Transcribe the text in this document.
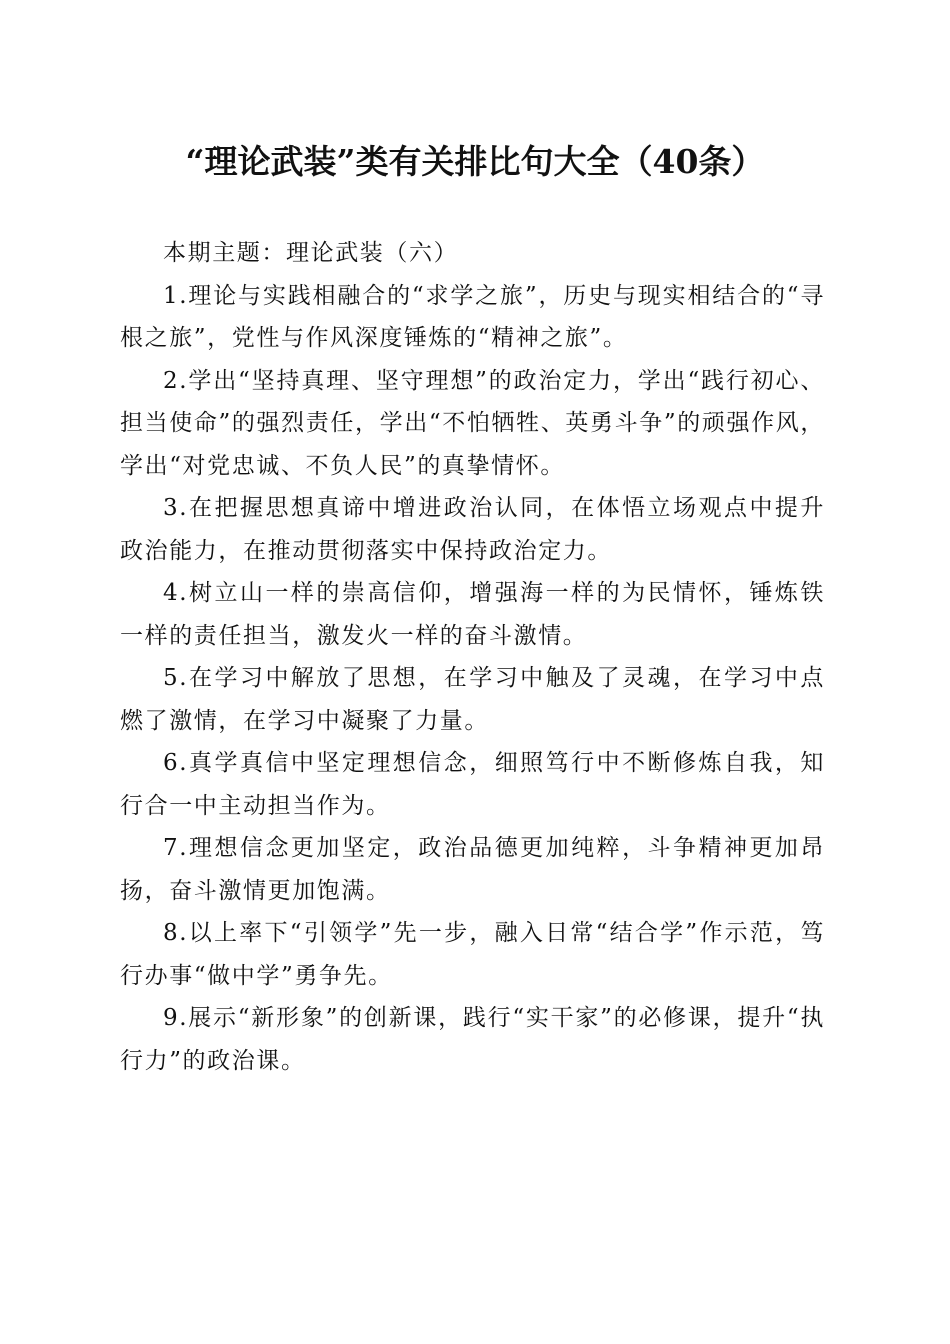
“理论武装”类有关排比句大全（40条）

本期主题：理论武装（六）

1.理论与实践相融合的“求学之旅”，历史与现实相结合的“寻根之旅”，党性与作风深度锤炼的“精神之旅”。

2.学出“坚持真理、坚守理想”的政治定力，学出“践行初心、担当使命”的强烈责任，学出“不怕牺牲、英勇斗争”的顽强作风，学出“对党忠诚、不负人民”的真挚情怀。

3.在把握思想真谛中增进政治认同，在体悟立场观点中提升政治能力，在推动贯彻落实中保持政治定力。

4.树立山一样的崇高信仰，增强海一样的为民情怀，锤炼铁一样的责任担当，激发火一样的奋斗激情。

5.在学习中解放了思想，在学习中触及了灵魂，在学习中点燃了激情，在学习中凝聚了力量。

6.真学真信中坚定理想信念，细照笃行中不断修炼自我，知行合一中主动担当作为。

7.理想信念更加坚定，政治品德更加纯粹，斗争精神更加昂扬，奋斗激情更加饱满。

8.以上率下“引领学”先一步，融入日常“结合学”作示范，笃行办事“做中学”勇争先。

9.展示“新形象”的创新课，践行“实干家”的必修课，提升“执行力”的政治课。
